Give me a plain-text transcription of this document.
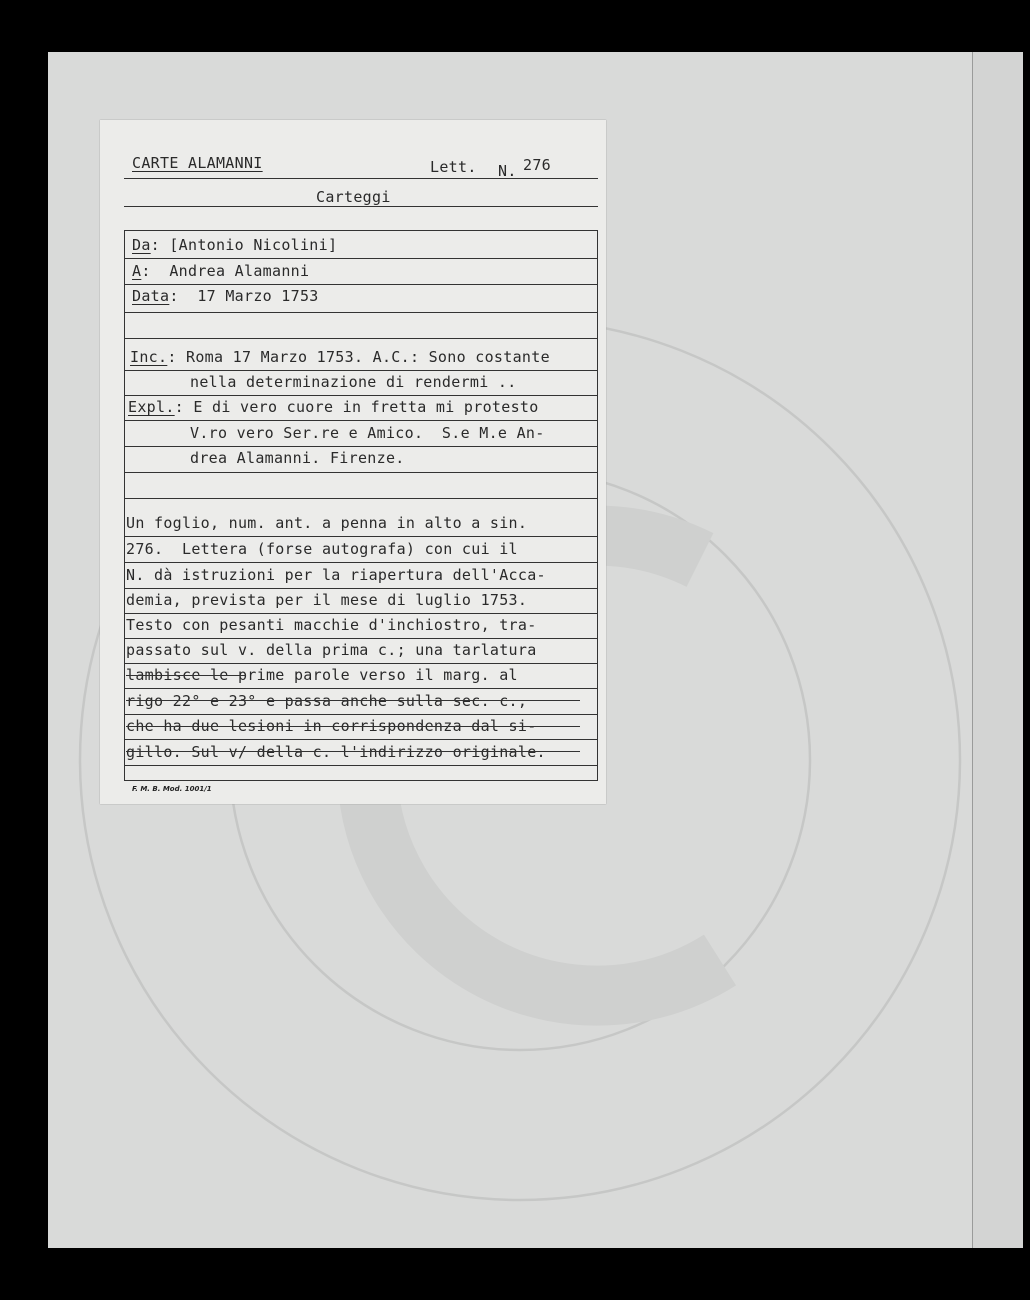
CARTE ALAMANNI	Lett. N. 276
Carteggi
Da: [Antonio Nicolini]
A:  Andrea Alamanni
Data:  17 Marzo 1753
Inc.: Roma 17 Marzo 1753. A.C.: Sono costante
nella determinazione di rendermi ..
Expl.: E di vero cuore in fretta mi protesto
V.ro vero Ser.re e Amico.  S.e M.e An-
drea Alamanni. Firenze.
Un foglio, num. ant. a penna in alto a sin.
276.  Lettera (forse autografa) con cui il
N. dà istruzioni per la riapertura dell'Acca-
demia, prevista per il mese di luglio 1753.
Testo con pesanti macchie d'inchiostro, tra-
passato sul v. della prima c.; una tarlatura
lambisce le prime parole verso il marg. al
rigo 22° e 23° e passa anche sulla sec. c.,
che ha due lesioni in corrispondenza dal si-
gillo. Sul v/ della c. l'indirizzo originale.
F. M. B. Mod. 1001/1
